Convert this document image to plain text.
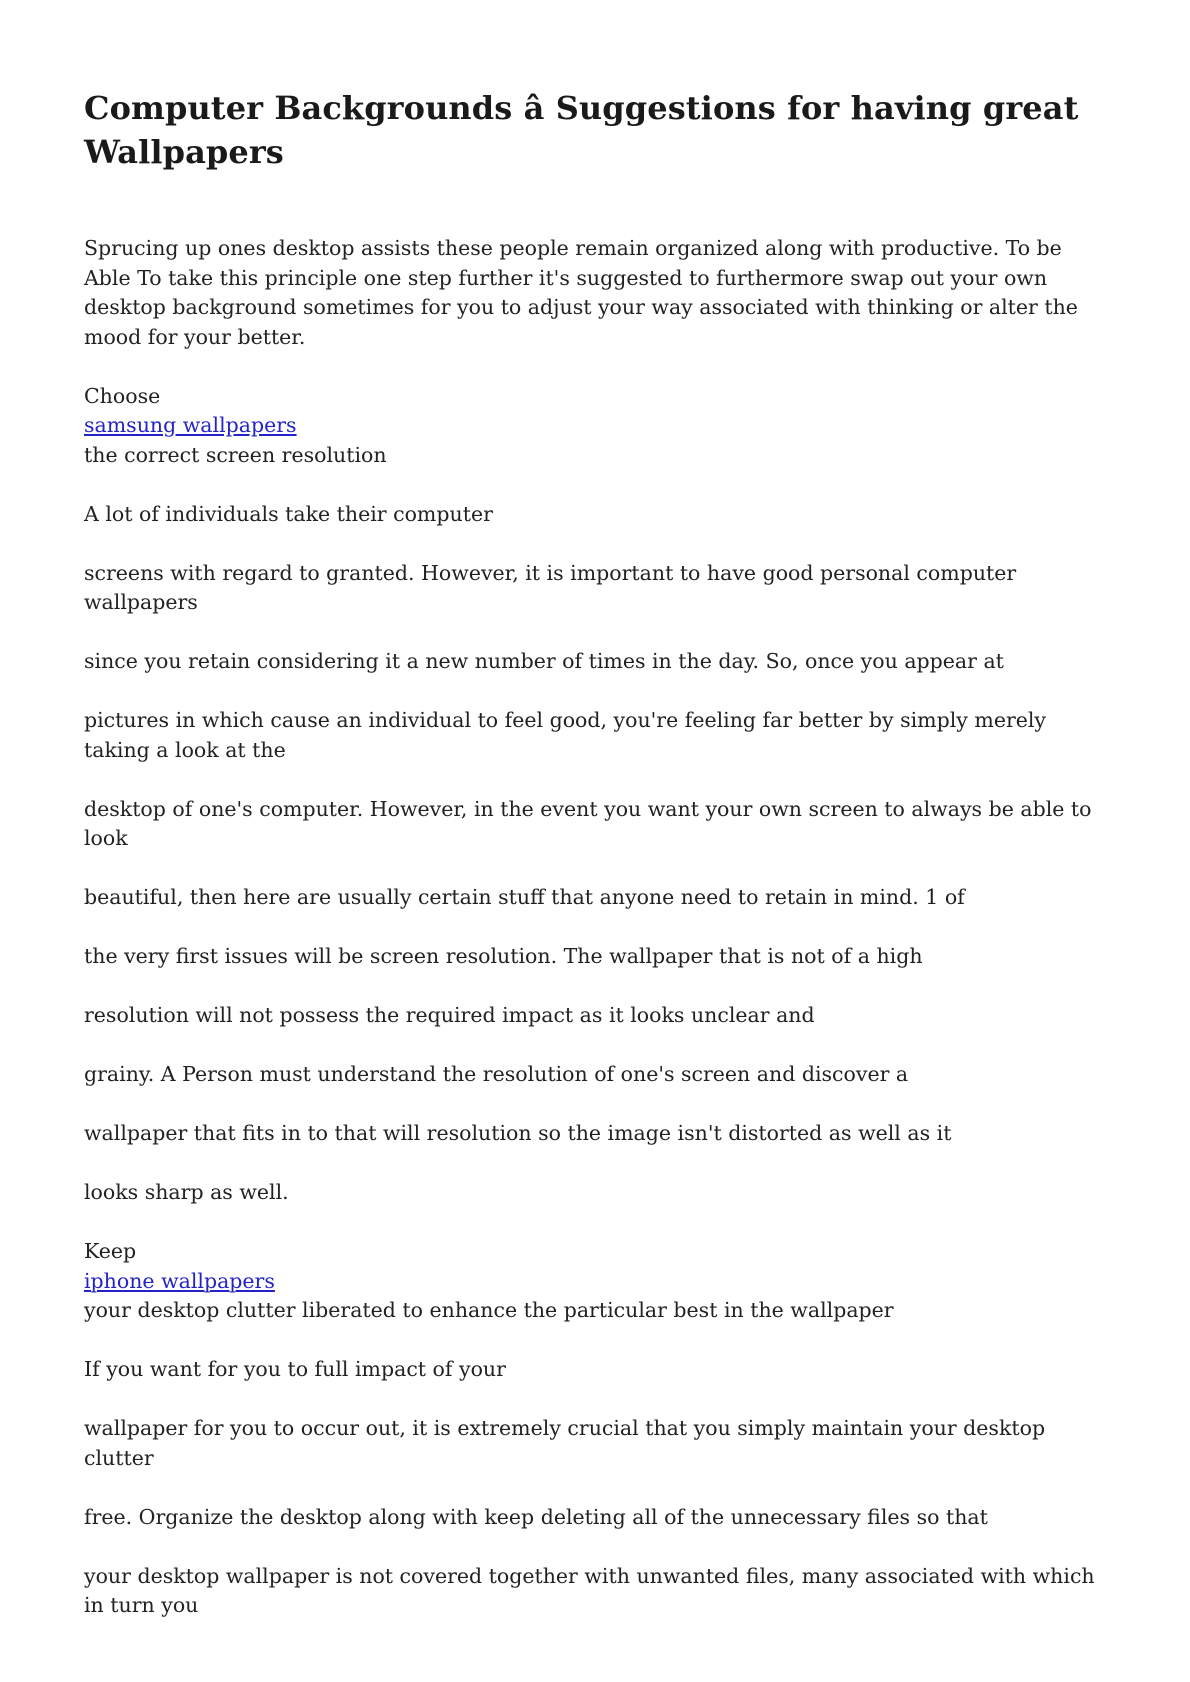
Computer Backgrounds â Suggestions for having great Wallpapers

Sprucing up ones desktop assists these people remain organized along with productive. To be Able To take this principle one step further it's suggested to furthermore swap out your own desktop background sometimes for you to adjust your way associated with thinking or alter the mood for your better.

Choose
samsung wallpapers
the correct screen resolution

A lot of individuals take their computer

screens with regard to granted. However, it is important to have good personal computer wallpapers

since you retain considering it a new number of times in the day. So, once you appear at

pictures in which cause an individual to feel good, you're feeling far better by simply merely taking a look at the

desktop of one's computer. However, in the event you want your own screen to always be able to look

beautiful, then here are usually certain stuff that anyone need to retain in mind. 1 of

the very first issues will be screen resolution. The wallpaper that is not of a high

resolution will not possess the required impact as it looks unclear and

grainy. A Person must understand the resolution of one's screen and discover a

wallpaper that fits in to that will resolution so the image isn't distorted as well as it

looks sharp as well.

Keep
iphone wallpapers
your desktop clutter liberated to enhance the particular best in the wallpaper

If you want for you to full impact of your

wallpaper for you to occur out, it is extremely crucial that you simply maintain your desktop clutter

free. Organize the desktop along with keep deleting all of the unnecessary files so that

your desktop wallpaper is not covered together with unwanted files, many associated with which in turn you
